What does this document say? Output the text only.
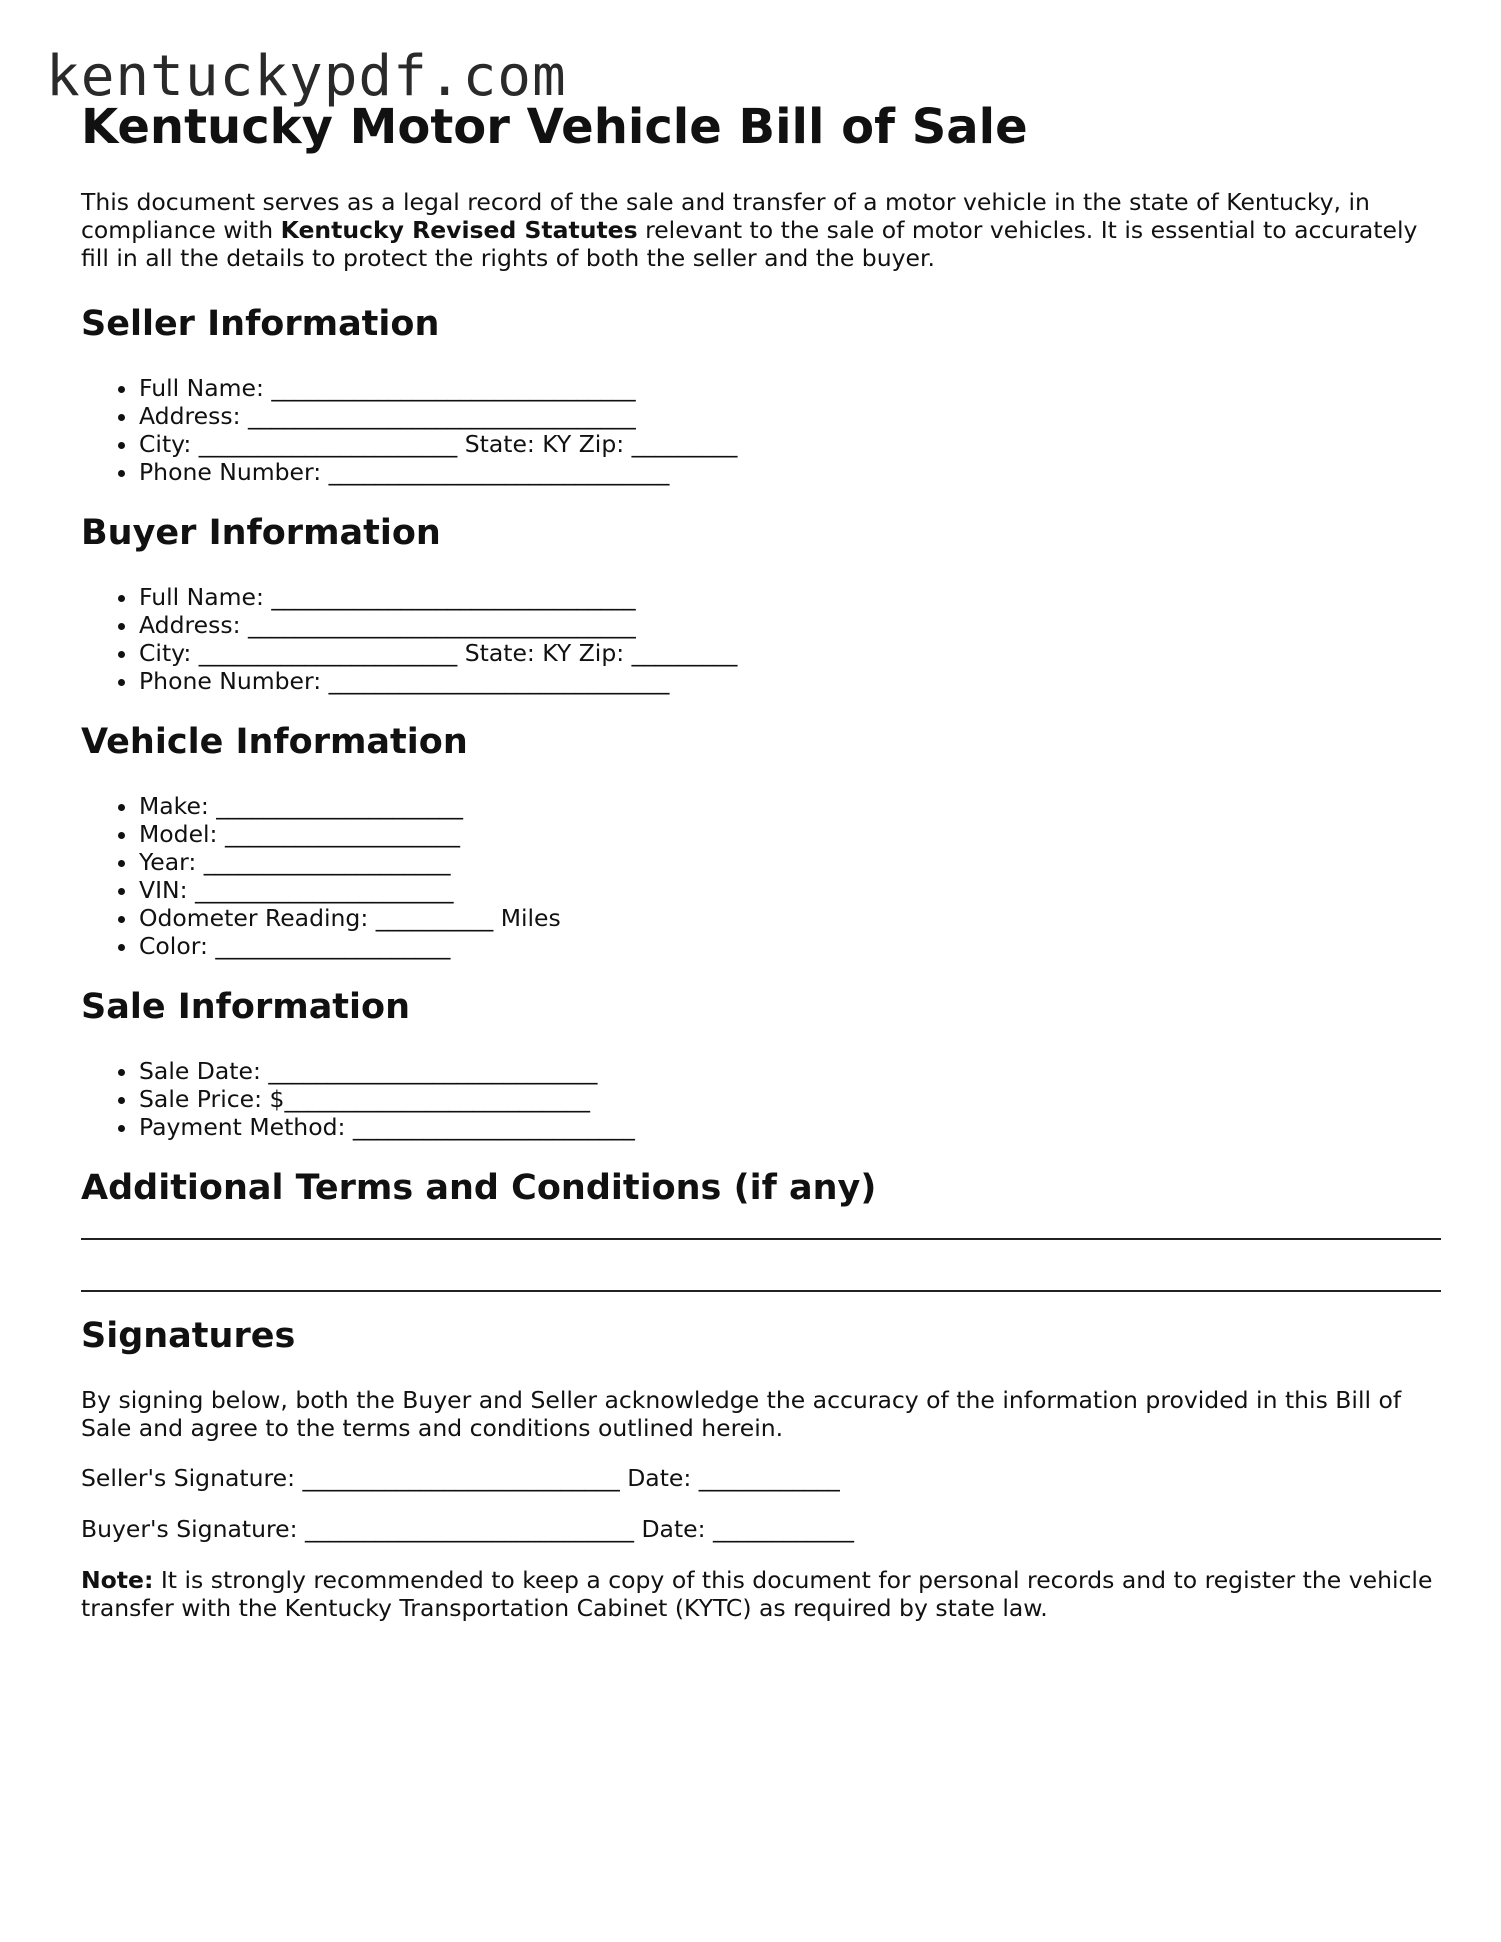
kentuckypdf.com
Kentucky Motor Vehicle Bill of Sale

This document serves as a legal record of the sale and transfer of a motor vehicle in the state of Kentucky, in compliance with Kentucky Revised Statutes relevant to the sale of motor vehicles. It is essential to accurately fill in all the details to protect the rights of both the seller and the buyer.

Seller Information
• Full Name: _______________________________
• Address: _________________________________
• City: ______________________ State: KY Zip: _________
• Phone Number: _____________________________
Buyer Information
• Full Name: _______________________________
• Address: _________________________________
• City: ______________________ State: KY Zip: _________
• Phone Number: _____________________________
Vehicle Information
• Make: _____________________
• Model: ____________________
• Year: _____________________
• VIN: ______________________
• Odometer Reading: __________ Miles
• Color: ____________________
Sale Information
• Sale Date: ____________________________
• Sale Price: $__________________________
• Payment Method: ________________________
Additional Terms and Conditions (if any)
Signatures

By signing below, both the Buyer and Seller acknowledge the accuracy of the information provided in this Bill of Sale and agree to the terms and conditions outlined herein.

Seller's Signature: ___________________________ Date: ____________
Buyer's Signature: ____________________________ Date: ____________

Note: It is strongly recommended to keep a copy of this document for personal records and to register the vehicle transfer with the Kentucky Transportation Cabinet (KYTC) as required by state law.
